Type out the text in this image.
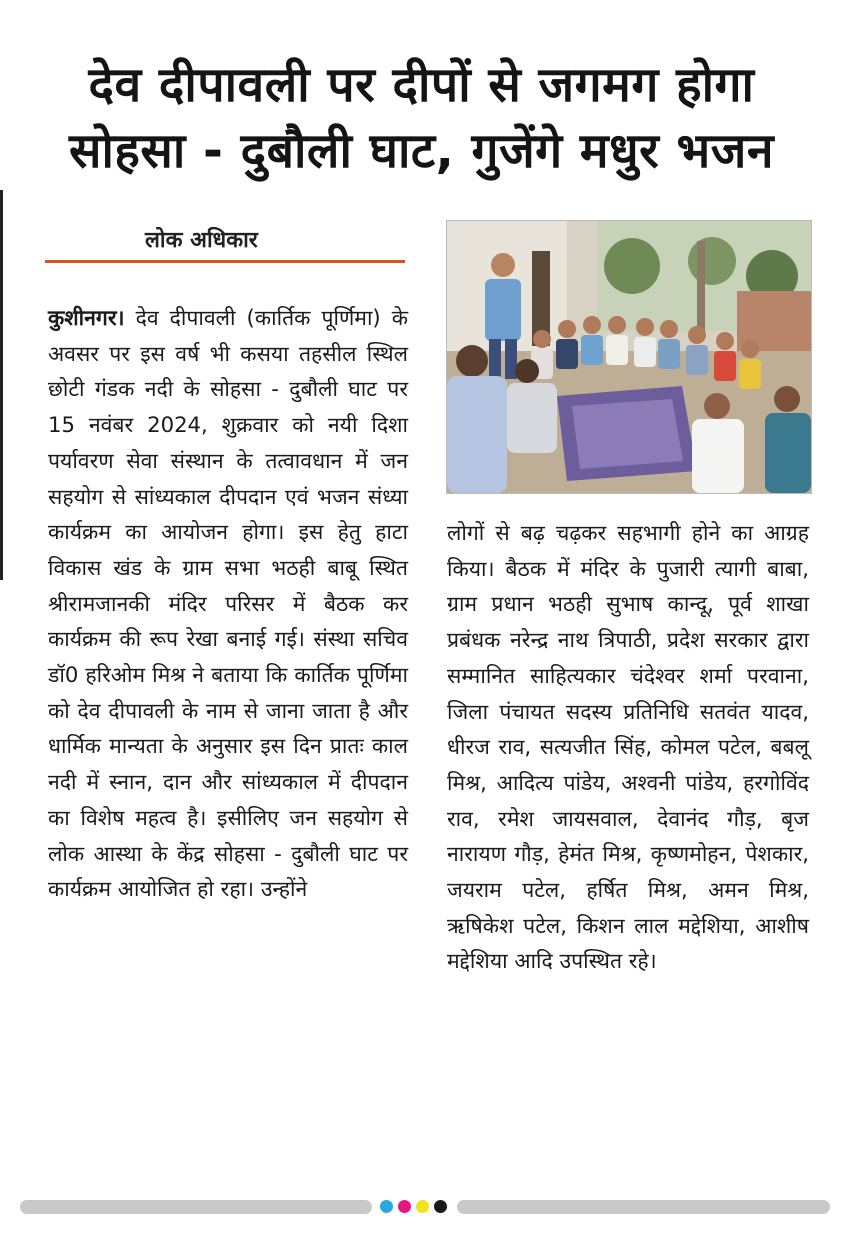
देव दीपावली पर दीपों से जगमग होगा
सोहसा - दुबौली घाट, गुजेंगे मधुर भजन
लोक अधिकार
कुशीनगर। देव दीपावली (कार्तिक पूर्णिमा) के अवसर पर इस वर्ष भी कसया तहसील स्थिल छोटी गंडक नदी के सोहसा - दुबौली घाट पर 15 नवंबर 2024, शुक्रवार को नयी दिशा पर्यावरण सेवा संस्थान के तत्वावधान में जन सहयोग से सांध्यकाल दीपदान एवं भजन संध्या कार्यक्रम का आयोजन होगा। इस हेतु हाटा विकास खंड के ग्राम सभा भठही बाबू स्थित श्रीरामजानकी मंदिर परिसर में बैठक कर कार्यक्रम की रूप रेखा बनाई गई। संस्था सचिव डॉ0 हरिओम मिश्र ने बताया कि कार्तिक पूर्णिमा को देव दीपावली के नाम से जाना जाता है और धार्मिक मान्यता के अनुसार इस दिन प्रातः काल नदी में स्नान, दान और सांध्यकाल में दीपदान का विशेष महत्व है। इसीलिए जन सहयोग से लोक आस्था के केंद्र सोहसा - दुबौली घाट पर कार्यक्रम आयोजित हो रहा। उन्होंने
लोगों से बढ़ चढ़कर सहभागी होने का आग्रह किया। बैठक में मंदिर के पुजारी त्यागी बाबा, ग्राम प्रधान भठही सुभाष कान्दू, पूर्व शाखा प्रबंधक नरेन्द्र नाथ त्रिपाठी, प्रदेश सरकार द्वारा सम्मानित साहित्यकार चंदेश्वर शर्मा परवाना, जिला पंचायत सदस्य प्रतिनिधि सतवंत यादव, धीरज राव, सत्यजीत सिंह, कोमल पटेल, बबलू मिश्र, आदित्य पांडेय, अश्वनी पांडेय, हरगोविंद राव, रमेश जायसवाल, देवानंद गौड़, बृज नारायण गौड़, हेमंत मिश्र, कृष्णमोहन, पेशकार, जयराम पटेल, हर्षित मिश्र, अमन मिश्र, ऋषिकेश पटेल, किशन लाल मद्देशिया, आशीष मद्देशिया आदि उपस्थित रहे।
